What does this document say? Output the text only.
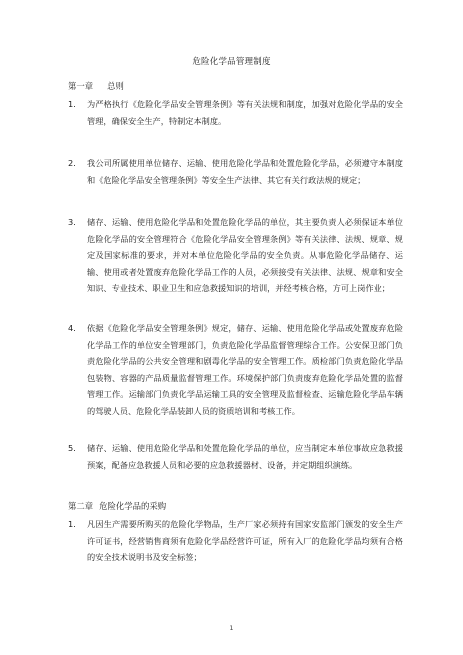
危险化学品管理制度
第一章 总则
1.	为严格执行《危险化学品安全管理条例》等有关法规和制度，加强对危险化学品的安全管理，确保安全生产，特制定本制度。
2.	我公司所属使用单位储存、运输、使用危险化学品和处置危险化学品，必须遵守本制度和《危险化学品安全管理条例》等安全生产法律、其它有关行政法规的规定；
3.	储存、运输、使用危险化学品和处置危险化学品的单位，其主要负责人必须保证本单位危险化学品的安全管理符合《危险化学品安全管理条例》等有关法律、法规、规章、规定及国家标准的要求，并对本单位危险化学品的安全负责。从事危险化学品储存、运输、使用或者处置废弃危险化学品工作的人员，必须接受有关法律、法规、规章和安全知识、专业技术、职业卫生和应急救援知识的培训，并经考核合格，方可上岗作业；
4.	依据《危险化学品安全管理条例》规定，储存、运输、使用危险化学品或处置废弃危险化学品工作的单位安全管理部门，负责危险化学品监督管理综合工作。公安保卫部门负责危险化学品的公共安全管理和剧毒化学品的安全管理工作。质检部门负责危险化学品包装物、容器的产品质量监督管理工作。环境保护部门负责废弃危险化学品处置的监督管理工作。运输部门负责化学品运输工具的安全管理及监督检查、运输危险化学品车辆的驾驶人员、危险化学品装卸人员的资质培训和考核工作。
5.	储存、运输、使用危险化学品和处置危险化学品的单位，应当制定本单位事故应急救援预案，配备应急救援人员和必要的应急救援器材、设备，并定期组织演练。
第二章 危险化学品的采购
1.	凡因生产需要所购买的危险化学物品，生产厂家必须持有国家安监部门颁发的安全生产许可证书，经营销售商须有危险化学品经营许可证，所有入厂的危险化学品均须有合格的安全技术说明书及安全标签；
1
